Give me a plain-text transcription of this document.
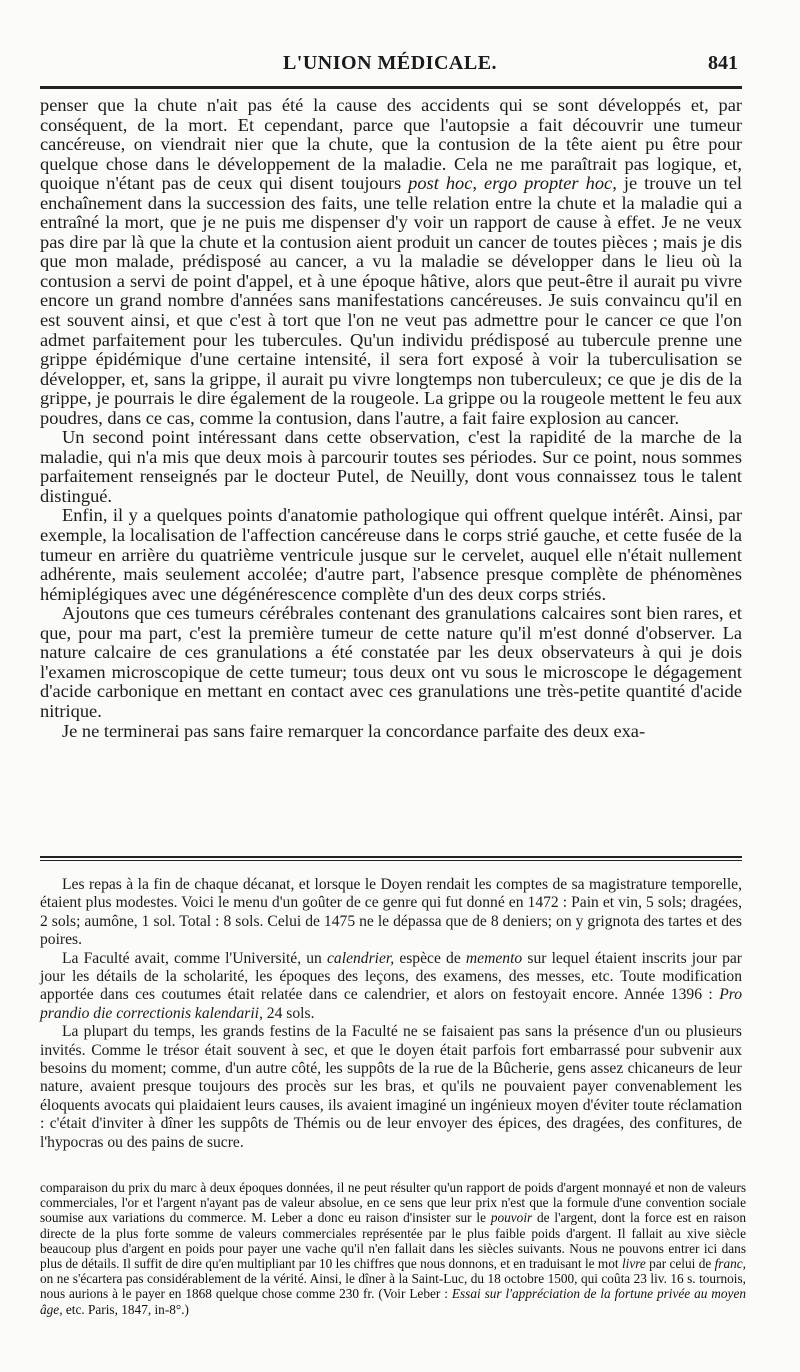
L'UNION MÉDICALE.	841

penser que la chute n'ait pas été la cause des accidents qui se sont développés et, par conséquent, de la mort. Et cependant, parce que l'autopsie a fait découvrir une tumeur cancéreuse, on viendrait nier que la chute, que la contusion de la tête aient pu être pour quelque chose dans le développement de la maladie. Cela ne me paraîtrait pas logique, et, quoique n'étant pas de ceux qui disent toujours post hoc, ergo propter hoc, je trouve un tel enchaînement dans la succession des faits, une telle relation entre la chute et la maladie qui a entraîné la mort, que je ne puis me dispenser d'y voir un rapport de cause à effet. Je ne veux pas dire par là que la chute et la contusion aient produit un cancer de toutes pièces ; mais je dis que mon malade, prédisposé au cancer, a vu la maladie se développer dans le lieu où la contusion a servi de point d'appel, et à une époque hâtive, alors que peut-être il aurait pu vivre encore un grand nombre d'années sans manifestations cancéreuses. Je suis convaincu qu'il en est souvent ainsi, et que c'est à tort que l'on ne veut pas admettre pour le cancer ce que l'on admet parfaitement pour les tubercules. Qu'un individu prédisposé au tubercule prenne une grippe épidémique d'une certaine intensité, il sera fort exposé à voir la tuberculisation se développer, et, sans la grippe, il aurait pu vivre longtemps non tuberculeux; ce que je dis de la grippe, je pourrais le dire également de la rougeole. La grippe ou la rougeole mettent le feu aux poudres, dans ce cas, comme la contusion, dans l'autre, a fait faire explosion au cancer.

Un second point intéressant dans cette observation, c'est la rapidité de la marche de la maladie, qui n'a mis que deux mois à parcourir toutes ses périodes. Sur ce point, nous sommes parfaitement renseignés par le docteur Putel, de Neuilly, dont vous connaissez tous le talent distingué.

Enfin, il y a quelques points d'anatomie pathologique qui offrent quelque intérêt. Ainsi, par exemple, la localisation de l'affection cancéreuse dans le corps strié gauche, et cette fusée de la tumeur en arrière du quatrième ventricule jusque sur le cervelet, auquel elle n'était nullement adhérente, mais seulement accolée; d'autre part, l'absence presque complète de phénomènes hémiplégiques avec une dégénérescence complète d'un des deux corps striés.

Ajoutons que ces tumeurs cérébrales contenant des granulations calcaires sont bien rares, et que, pour ma part, c'est la première tumeur de cette nature qu'il m'est donné d'observer. La nature calcaire de ces granulations a été constatée par les deux observateurs à qui je dois l'examen microscopique de cette tumeur; tous deux ont vu sous le microscope le dégagement d'acide carbonique en mettant en contact avec ces granulations une très-petite quantité d'acide nitrique.

Je ne terminerai pas sans faire remarquer la concordance parfaite des deux exa-

Les repas à la fin de chaque décanat, et lorsque le Doyen rendait les comptes de sa magistrature temporelle, étaient plus modestes. Voici le menu d'un goûter de ce genre qui fut donné en 1472 : Pain et vin, 5 sols; dragées, 2 sols; aumône, 1 sol. Total : 8 sols. Celui de 1475 ne le dépassa que de 8 deniers; on y grignota des tartes et des poires.

La Faculté avait, comme l'Université, un calendrier, espèce de memento sur lequel étaient inscrits jour par jour les détails de la scholarité, les époques des leçons, des examens, des messes, etc. Toute modification apportée dans ces coutumes était relatée dans ce calendrier, et alors on festoyait encore. Année 1396 : Pro prandio die correctionis kalendarii, 24 sols.

La plupart du temps, les grands festins de la Faculté ne se faisaient pas sans la présence d'un ou plusieurs invités. Comme le trésor était souvent à sec, et que le doyen était parfois fort embarrassé pour subvenir aux besoins du moment; comme, d'un autre côté, les suppôts de la rue de la Bûcherie, gens assez chicaneurs de leur nature, avaient presque toujours des procès sur les bras, et qu'ils ne pouvaient payer convenablement les éloquents avocats qui plaidaient leurs causes, ils avaient imaginé un ingénieux moyen d'éviter toute réclamation : c'était d'inviter à dîner les suppôts de Thémis ou de leur envoyer des épices, des dragées, des confitures, de l'hypocras ou des pains de sucre.

comparaison du prix du marc à deux époques données, il ne peut résulter qu'un rapport de poids d'argent monnayé et non de valeurs commerciales, l'or et l'argent n'ayant pas de valeur absolue, en ce sens que leur prix n'est que la formule d'une convention sociale soumise aux variations du commerce. M. Leber a donc eu raison d'insister sur le pouvoir de l'argent, dont la force est en raison directe de la plus forte somme de valeurs commerciales représentée par le plus faible poids d'argent. Il fallait au xive siècle beaucoup plus d'argent en poids pour payer une vache qu'il n'en fallait dans les siècles suivants. Nous ne pouvons entrer ici dans plus de détails. Il suffit de dire qu'en multipliant par 10 les chiffres que nous donnons, et en traduisant le mot livre par celui de franc, on ne s'écartera pas considérablement de la vérité. Ainsi, le dîner à la Saint-Luc, du 18 octobre 1500, qui coûta 23 liv. 16 s. tournois, nous aurions à le payer en 1868 quelque chose comme 230 fr. (Voir Leber : Essai sur l'appréciation de la fortune privée au moyen âge, etc. Paris, 1847, in-8°.)
